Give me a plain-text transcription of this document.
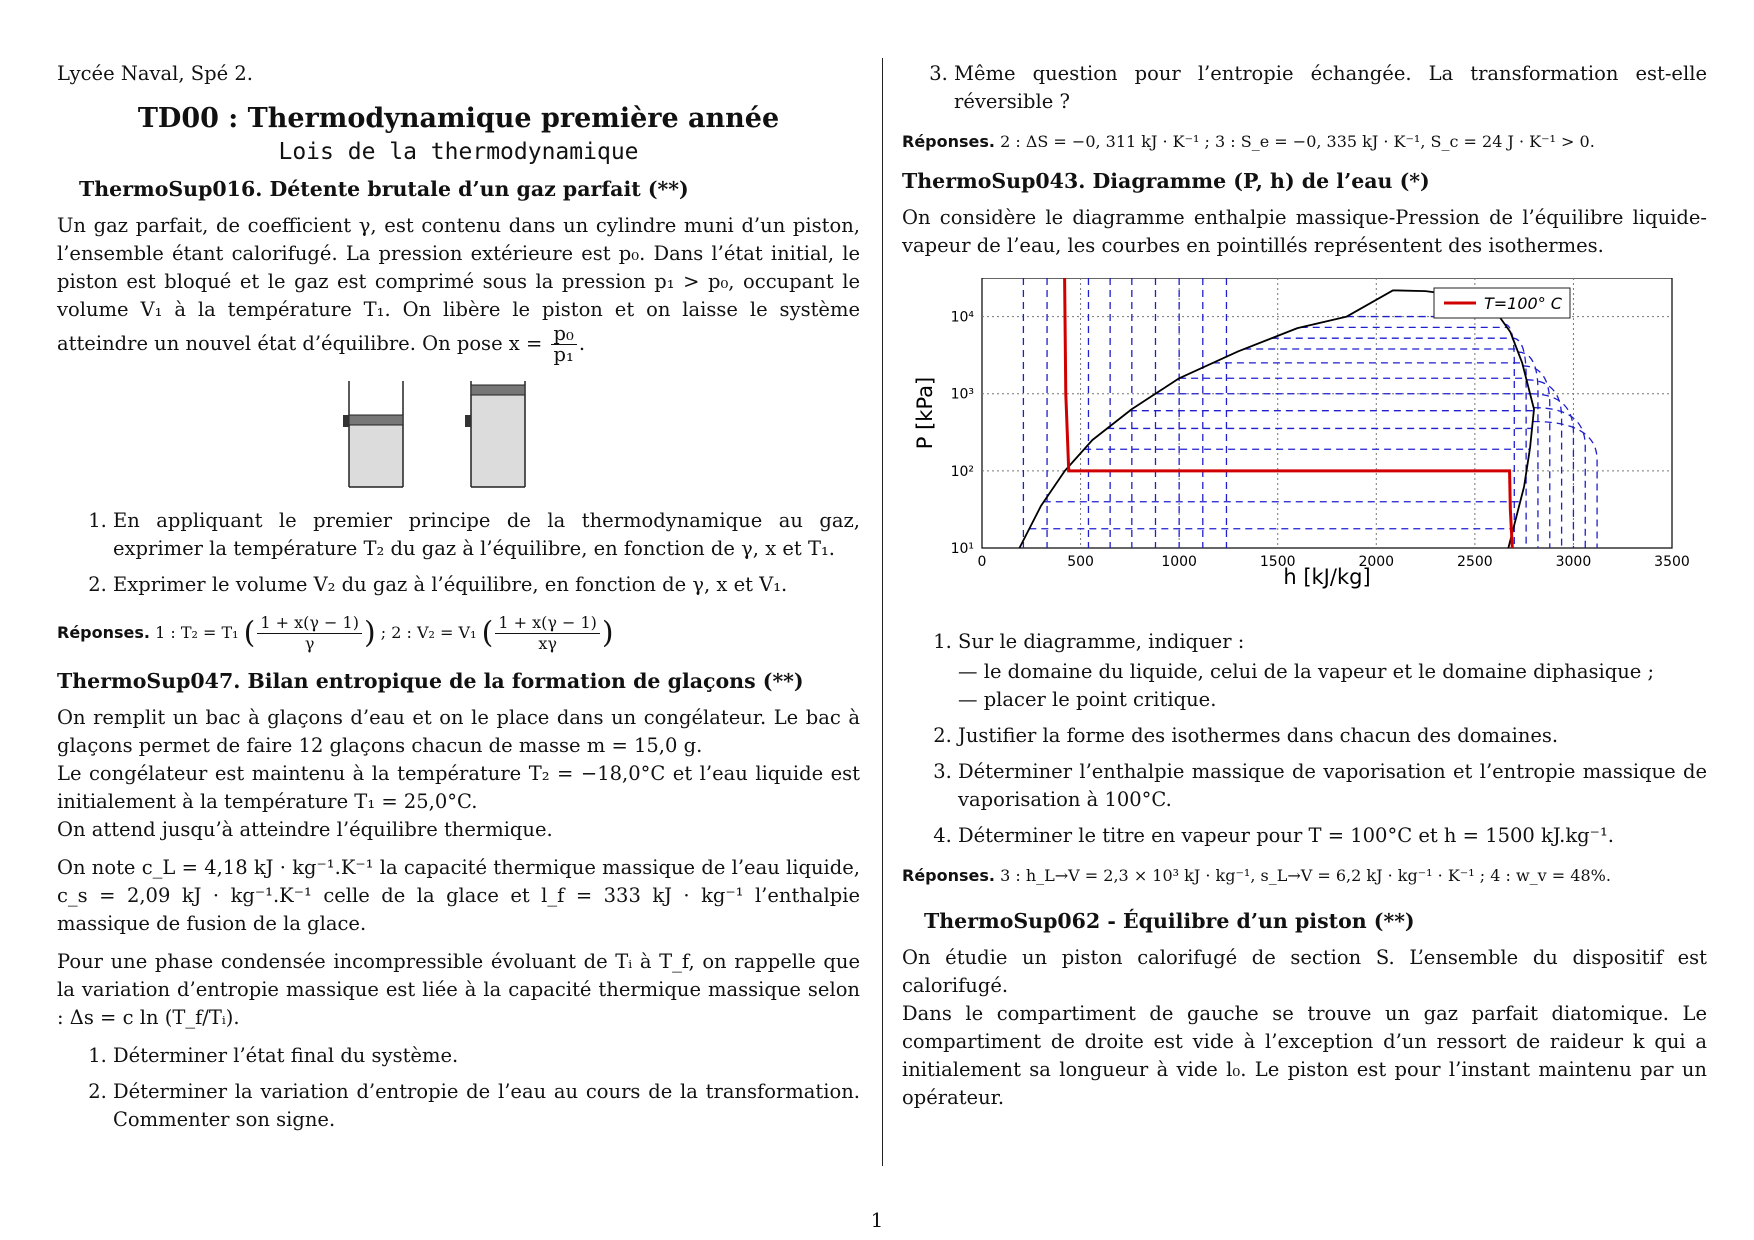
Lycée Naval, Spé 2.
TD00 : Thermodynamique première année
Lois de la thermodynamique
ThermoSup016. Détente brutale d’un gaz parfait (**)

Un gaz parfait, de coefficient γ, est contenu dans un cylindre muni d’un piston, l’ensemble étant calorifugé. La pression extérieure est p₀. Dans l’état initial, le piston est bloqué et le gaz est comprimé sous la pression p₁ > p₀, occupant le volume V₁ à la température T₁. On libère le piston et on laisse le système atteindre un nouvel état d’équilibre. On pose $x = \frac{\text{p₀}}{\text{p₁}}$ .

1. En appliquant le premier principe de la thermodynamique au gaz, exprimer la température T₂ du gaz à l’équilibre, en fonction de γ, x et T₁.
2. Exprimer le volume V₂ du gaz à l’équilibre, en fonction de γ, x et V₁.
Réponses. 1 : T₂ = T₁ ( $\frac{1 + x(\gamma - 1)}{\gamma}$ ) ; 2 : V₂ = V₁ ( $\frac{1 + x(\gamma - 1)}{x\gamma}$ )
ThermoSup047. Bilan entropique de la formation de glaçons (**)

On remplit un bac à glaçons d’eau et on le place dans un congélateur. Le bac à glaçons permet de faire 12 glaçons chacun de masse m = 15,0 g.

Le congélateur est maintenu à la température T₂ = −18,0°C et l’eau liquide est initialement à la température T₁ = 25,0°C.

On attend jusqu’à atteindre l’équilibre thermique.

On note c_L = 4,18 kJ · kg⁻¹.K⁻¹ la capacité thermique massique de l’eau liquide, c_s = 2,09 kJ · kg⁻¹.K⁻¹ celle de la glace et l_f = 333 kJ · kg⁻¹ l’enthalpie massique de fusion de la glace.

Pour une phase condensée incompressible évoluant de Tᵢ à T_f, on rappelle que la variation d’entropie massique est liée à la capacité thermique massique selon : Δs = c ln (T_f/Tᵢ).

1. Déterminer l’état final du système.
2. Déterminer la variation d’entropie de l’eau au cours de la transformation. Commenter son signe.
3. Même question pour l’entropie échangée. La transformation est-elle réversible ?
Réponses. 2 : ΔS = −0, 311 kJ · K⁻¹ ; 3 : S_e = −0, 335 kJ · K⁻¹, S_c = 24 J · K⁻¹ > 0.
ThermoSup043. Diagramme (P, h) de l’eau (*)

On considère le diagramme enthalpie massique-Pression de l’équilibre liquide-vapeur de l’eau, les courbes en pointillés représentent des isothermes.

0	500	1000	1500	2000	2500	3000	3500
10¹
10²
10³
10⁴
h [kJ/kg]
P [kPa]
T=100° C
1. Sur le diagramme, indiquer :
— le domaine du liquide, celui de la vapeur et le domaine diphasique ;
— placer le point critique.
2. Justifier la forme des isothermes dans chacun des domaines.
3. Déterminer l’enthalpie massique de vaporisation et l’entropie massique de vaporisation à 100°C.
4. Déterminer le titre en vapeur pour T = 100°C et h = 1500 kJ.kg⁻¹.
Réponses. 3 : h_L→V = 2,3 × 10³ kJ · kg⁻¹, s_L→V = 6,2 kJ · kg⁻¹ · K⁻¹ ; 4 : w_v = 48%.
ThermoSup062 - Équilibre d’un piston (**)

On étudie un piston calorifugé de section S. L’ensemble du dispositif est calorifugé.

Dans le compartiment de gauche se trouve un gaz parfait diatomique. Le compartiment de droite est vide à l’exception d’un ressort de raideur k qui a initialement sa longueur à vide l₀. Le piston est pour l’instant maintenu par un opérateur.

1
